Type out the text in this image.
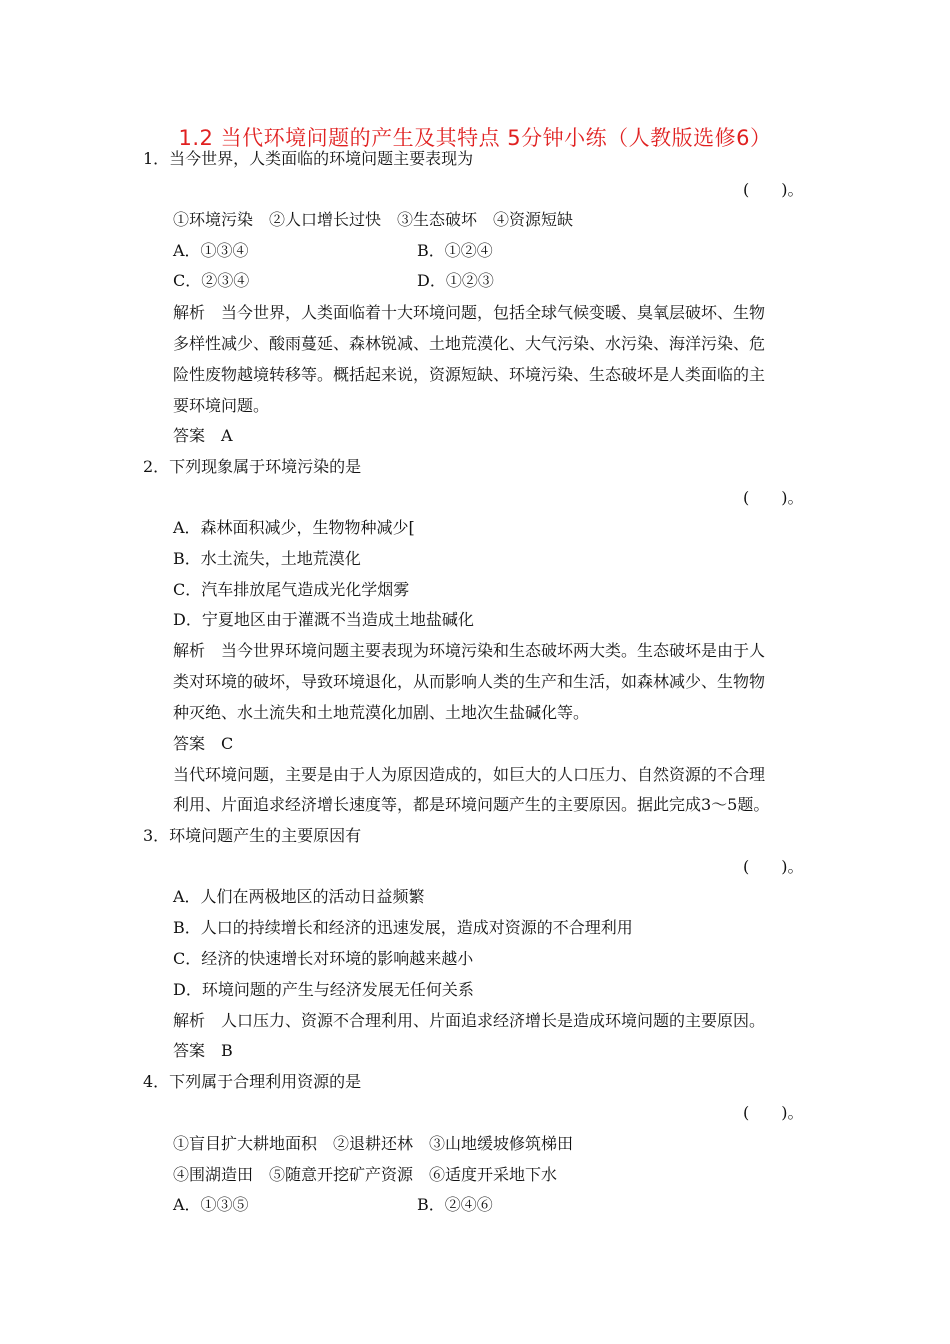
1.2 当代环境问题的产生及其特点 5分钟小练（人教版选修6）
1．当今世界，人类面临的环境问题主要表现为
(　　)。
①环境污染　②人口增长过快　③生态破坏　④资源短缺
A．①③④	B．①②④
C．②③④	D．①②③
解析　当今世界，人类面临着十大环境问题，包括全球气候变暖、臭氧层破坏、生物
多样性减少、酸雨蔓延、森林锐减、土地荒漠化、大气污染、水污染、海洋污染、危
险性废物越境转移等。概括起来说，资源短缺、环境污染、生态破坏是人类面临的主
要环境问题。
答案　A
2．下列现象属于环境污染的是
(　　)。
A．森林面积减少，生物物种减少[
B．水土流失，土地荒漠化
C．汽车排放尾气造成光化学烟雾
D．宁夏地区由于灌溉不当造成土地盐碱化
解析　当今世界环境问题主要表现为环境污染和生态破坏两大类。生态破坏是由于人
类对环境的破坏，导致环境退化，从而影响人类的生产和生活，如森林减少、生物物
种灭绝、水土流失和土地荒漠化加剧、土地次生盐碱化等。
答案　C
当代环境问题，主要是由于人为原因造成的，如巨大的人口压力、自然资源的不合理
利用、片面追求经济增长速度等，都是环境问题产生的主要原因。据此完成3～5题。
3．环境问题产生的主要原因有
(　　)。
A．人们在两极地区的活动日益频繁
B．人口的持续增长和经济的迅速发展，造成对资源的不合理利用
C．经济的快速增长对环境的影响越来越小
D．环境问题的产生与经济发展无任何关系
解析　人口压力、资源不合理利用、片面追求经济增长是造成环境问题的主要原因。
答案　B
4．下列属于合理利用资源的是
(　　)。
①盲目扩大耕地面积　②退耕还林　③山地缓坡修筑梯田
④围湖造田　⑤随意开挖矿产资源　⑥适度开采地下水
A．①③⑤	B．②④⑥
